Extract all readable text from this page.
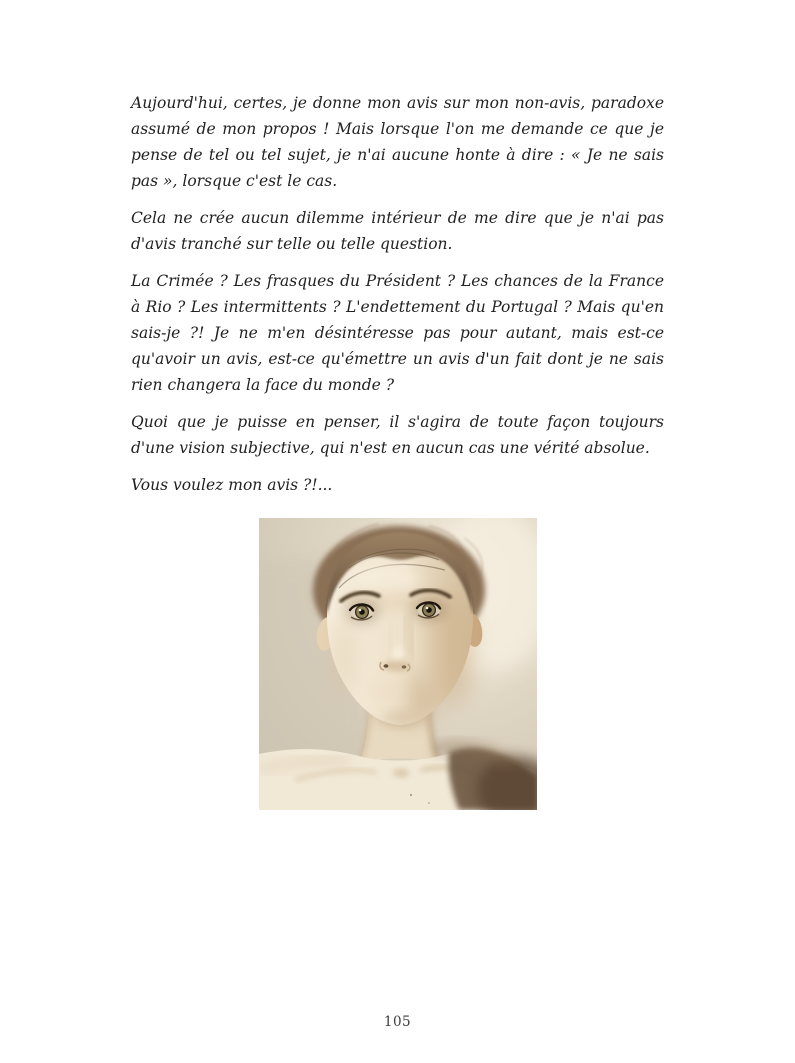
Aujourd'hui, certes, je donne mon avis sur mon non-avis, paradoxe assumé de mon propos ! Mais lorsque l'on me demande ce que je pense de tel ou tel sujet, je n'ai aucune honte à dire : « Je ne sais pas », lorsque c'est le cas.

Cela ne crée aucun dilemme intérieur de me dire que je n'ai pas d'avis tranché sur telle ou telle question.

La Crimée ? Les frasques du Président ? Les chances de la France à Rio ? Les intermittents ? L'endettement du Portugal ? Mais qu'en sais-je ?! Je ne m'en désintéresse pas pour autant, mais est-ce qu'avoir un avis, est-ce qu'émettre un avis d'un fait dont je ne sais rien changera la face du monde ?

Quoi que je puisse en penser, il s'agira de toute façon toujours d'une vision subjective, qui n'est en aucun cas une vérité absolue.

Vous voulez mon avis ?!...

105
